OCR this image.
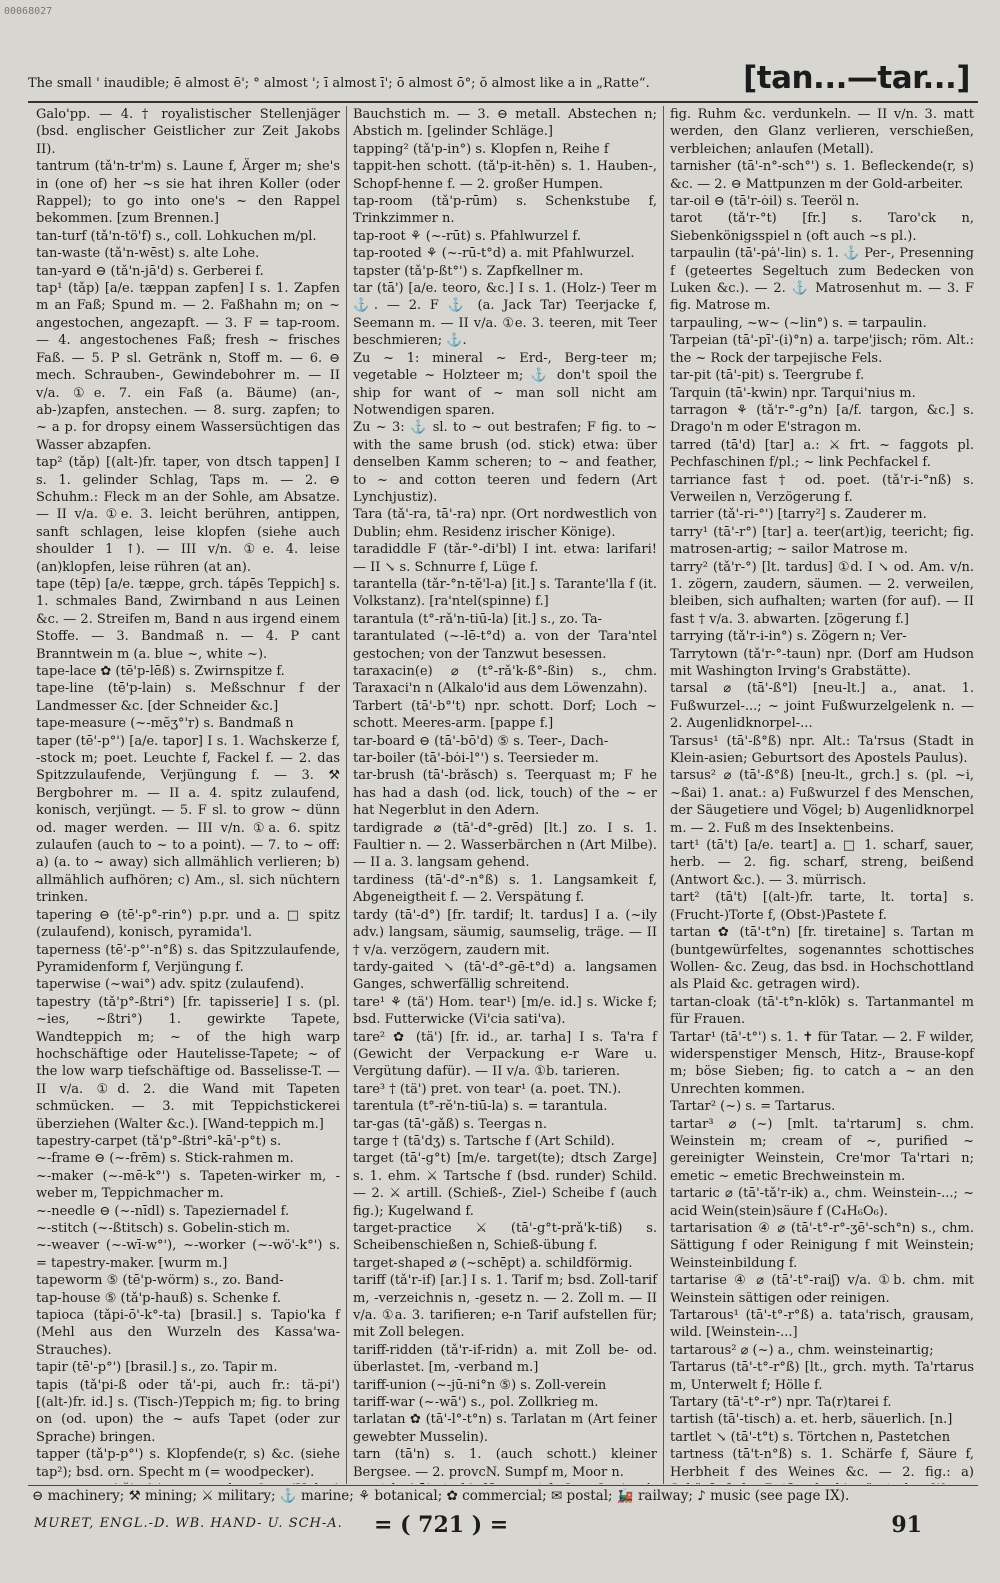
00068027
The small ' inaudible; ē almost ē'; ° almost '; ī almost ī'; ō almost ō°; ŏ almost like a in „Ratte“.	[tan...—tar...]

Galo'pp. — 4. † royalistischer Stellenjäger (bsd. englischer Geistlicher zur Zeit Jakobs II).

tantrum (tǎ'n-tr'm) s. Laune f, Ärger m; she's in (one of) her ~s sie hat ihren Koller (oder Rappel); to go into one's ~ den Rappel bekommen. [zum Brennen.]

tan-turf (tǎ'n-tö'f) s., coll. Lohkuchen m/pl.

tan-waste (tǎ'n-wēst) s. alte Lohe.

tan-yard ⊖ (tǎ'n-jā'd) s. Gerberei f.

tap¹ (tǎp) [a/e. tæppan zapfen] I s. 1. Zapfen m an Faß; Spund m. — 2. Faßhahn m; on ~ angestochen, angezapft. — 3. F = tap-room. — 4. angestochenes Faß; fresh ~ frisches Faß. — 5. P sl. Getränk n, Stoff m. — 6. ⊖ mech. Schrauben-, Gewindebohrer m. — II v/a. ①e. 7. ein Faß (a. Bäume) (an-, ab-)zapfen, anstechen. — 8. surg. zapfen; to ~ a p. for dropsy einem Wassersüchtigen das Wasser abzapfen.

tap² (tǎp) [(alt-)fr. taper, von dtsch tappen] I s. 1. gelinder Schlag, Taps m. — 2. ⊖ Schuhm.: Fleck m an der Sohle, am Absatze. — II v/a. ①e. 3. leicht berühren, antippen, sanft schlagen, leise klopfen (siehe auch shoulder 1 ↑). — III v/n. ①e. 4. leise (an)klopfen, leise rühren (at an).

tape (tēp) [a/e. tæppe, grch. tápēs Teppich] s. 1. schmales Band, Zwirnband n aus Leinen &c. — 2. Streifen m, Band n aus irgend einem Stoffe. — 3. Bandmaß n. — 4. P cant Branntwein m (a. blue ~, white ~).

tape-lace ✿ (tē'p-lēß) s. Zwirnspitze f.

tape-line (tē'p-lain) s. Meßschnur f der Landmesser &c. [der Schneider &c.]

tape-measure (~-mĕʒ°'r) s. Bandmaß n

taper (tē'-p°') [a/e. tapor] I s. 1. Wachskerze f, -stock m; poet. Leuchte f, Fackel f. — 2. das Spitzzulaufende, Verjüngung f. — 3. ⚒ Bergbohrer m. — II a. 4. spitz zulaufend, konisch, verjüngt. — 5. F sl. to grow ~ dünn od. mager werden. — III v/n. ①a. 6. spitz zulaufen (auch to ~ to a point). — 7. to ~ off: a) (a. to ~ away) sich allmählich verlieren; b) allmählich aufhören; c) Am., sl. sich nüchtern trinken.

tapering ⊖ (tē'-p°-rin°) p.pr. und a. □ spitz (zulaufend), konisch, pyramida'l.

taperness (tē'-p°'-n°ß) s. das Spitzzulaufende, Pyramidenform f, Verjüngung f.

taperwise (~wai°) adv. spitz (zulaufend).

tapestry (tǎ'p°-ßtri°) [fr. tapisserie] I s. (pl. ~ies, ~ßtri°) 1. gewirkte Tapete, Wandteppich m; ~ of the high warp hochschäftige oder Hautelisse-Tapete; ~ of the low warp tiefschäftige od. Basselisse-T. — II v/a. ①d. 2. die Wand mit Tapeten schmücken. — 3. mit Teppichstickerei überziehen (Walter &c.). [Wand-teppich m.]

tapestry-carpet (tǎ'p°-ßtri°-kā'-p°t) s.

~-frame ⊖ (~-frēm) s. Stick-rahmen m.

~-maker (~-mē-k°') s. Tapeten-wirker m, -weber m, Teppichmacher m.

~-needle ⊖ (~-nīdl) s. Tapeziernadel f.

~-stitch (~-ßtitsch) s. Gobelin-stich m.

~-weaver (~-wī-w°'), ~-worker (~-wö'-k°') s. = tapestry-maker. [wurm m.]

tapeworm ⑤ (tē'p-wörm) s., zo. Band-

tap-house ⑤ (tǎ'p-hauß) s. Schenke f.

tapioca (tǎpi-ō'-k°-ta) [brasil.] s. Tapio'ka f (Mehl aus den Wurzeln des Kassa'wa-Strauches).

tapir (tē'-p°') [brasil.] s., zo. Tapir m.

tapis (tǎ'pi-ß oder tǎ'-pi, auch fr.: tä-pi') [(alt-)fr. id.] s. (Tisch-)Teppich m; fig. to bring on (od. upon) the ~ aufs Tapet (oder zur Sprache) bringen.

tapper (tǎ'p-p°') s. Klopfende(r, s) &c. (siehe tap²); bsd. orn. Specht m (= woodpecker).

Bauchstich m. — 3. ⊖ metall. Abstechen n; Abstich m. [gelinder Schläge.]

tapping² (tǎ'p-in°) s. Klopfen n, Reihe f

tappit-hen schott. (tǎ'p-it-hĕn) s. 1. Hauben-, Schopf-henne f. — 2. großer Humpen.

tap-room (tǎ'p-rūm) s. Schenkstube f, Trinkzimmer n.

tap-root ⚘ (~-rūt) s. Pfahlwurzel f.

tap-rooted ⚘ (~-rū-t°d) a. mit Pfahlwurzel.

tapster (tǎ'p-ßt°') s. Zapfkellner m.

tar (tā') [a/e. teoro, &c.] I s. 1. (Holz-) Teer m ⚓. — 2. F ⚓ (a. Jack Tar) Teerjacke f, Seemann m. — II v/a. ①e. 3. teeren, mit Teer beschmieren; ⚓.

Zu ~ 1: mineral ~ Erd-, Berg-teer m; vegetable ~ Holzteer m; ⚓ don't spoil the ship for want of ~ man soll nicht am Notwendigen sparen.

Zu ~ 3: ⚓ sl. to ~ out bestrafen; F fig. to ~ with the same brush (od. stick) etwa: über denselben Kamm scheren; to ~ and feather, to ~ and cotton teeren und federn (Art Lynchjustiz).

Tara (tǎ'-ra, tā'-ra) npr. (Ort nordwestlich von Dublin; ehm. Residenz irischer Könige).

taradiddle F (tǎr-°-di'bl) I int. etwa: larifari! — II ↘ s. Schnurre f, Lüge f.

tarantella (tǎr-°n-tĕ'l-a) [it.] s. Tarante'lla f (it. Volkstanz). [ra'ntel(spinne) f.]

tarantula (t°-rǎ'n-tiū-la) [it.] s., zo. Ta-

tarantulated (~-lē-t°d) a. von der Tara'ntel gestochen; von der Tanzwut besessen.

taraxacin(e) ⌀ (t°-rǎ'k-ß°-ßin) s., chm. Taraxaci'n n (Alkalo'id aus dem Löwenzahn).

Tarbert (tā'-b°'t) npr. schott. Dorf; Loch ~ schott. Meeres-arm. [pappe f.]

tar-board ⊖ (tā'-bō'd) ⑤ s. Teer-, Dach-

tar-boiler (tā'-bȯi-l°') s. Teersieder m.

tar-brush (tā'-brǎsch) s. Teerquast m; F he has had a dash (od. lick, touch) of the ~ er hat Negerblut in den Adern.

tardigrade ⌀ (tā'-d°-grēd) [lt.] zo. I s. 1. Faultier n. — 2. Wasserbärchen n (Art Milbe). — II a. 3. langsam gehend.

tardiness (tā'-d°-n°ß) s. 1. Langsamkeit f, Abgeneigtheit f. — 2. Verspätung f.

tardy (tā'-d°) [fr. tardif; lt. tardus] I a. (~ily adv.) langsam, säumig, saumselig, träge. — II † v/a. verzögern, zaudern mit.

tardy-gaited ↘ (tā'-d°-gē-t°d) a. langsamen Ganges, schwerfällig schreitend.

tare¹ ⚘ (tä') Hom. tear¹) [m/e. id.] s. Wicke f; bsd. Futterwicke (Vi'cia sati'va).

tare² ✿ (tä') [fr. id., ar. tarha] I s. Ta'ra f (Gewicht der Verpackung e-r Ware u. Vergütung dafür). — II v/a. ①b. tarieren.

tare³ † (tä') pret. von tear¹ (a. poet. TN.).

tarentula (t°-rĕ'n-tiū-la) s. = tarantula.

tar-gas (tā'-gǎß) s. Teergas n.

targe † (tā'dʒ) s. Tartsche f (Art Schild).

target (tā'-g°t) [m/e. target(te); dtsch Zarge] s. 1. ehm. ⚔ Tartsche f (bsd. runder) Schild. — 2. ⚔ artill. (Schieß-, Ziel-) Scheibe f (auch fig.); Kugelwand f.

target-practice ⚔ (tā'-g°t-prǎ'k-tiß) s. Scheibenschießen n, Schieß-übung f.

target-shaped ⌀ (~schēpt) a. schildförmig.

tariff (tǎ'r-if) [ar.] I s. 1. Tarif m; bsd. Zoll-tarif m, -verzeichnis n, -gesetz n. — 2. Zoll m. — II v/a. ①a. 3. tarifieren; e-n Tarif aufstellen für; mit Zoll belegen.

tariff-ridden (tǎ'r-if-ridn) a. mit Zoll be- od. überlastet. [m, -verband m.]

tariff-union (~-jū-ni°n ⑤) s. Zoll-verein

tariff-war (~-wā') s., pol. Zollkrieg m.

tarlatan ✿ (tā'-l°-t°n) s. Tarlatan m (Art feiner gewebter Musselin).

tarn (tā'n) s. 1. (auch schott.) kleiner Bergsee. — 2. provcN. Sumpf m, Moor n.

fig. Ruhm &c. verdunkeln. — II v/n. 3. matt werden, den Glanz verlieren, verschießen, verbleichen; anlaufen (Metall).

tarnisher (tā'-n°-sch°') s. 1. Befleckende(r, s) &c. — 2. ⊖ Mattpunzen m der Gold-arbeiter.

tar-oil ⊖ (tā'r-ȯil) s. Teeröl n.

tarot (tǎ'r-°t) [fr.] s. Taro'ck n, Siebenkönigsspiel n (oft auch ~s pl.).

tarpaulin (tā'-pȧ'-lin) s. 1. ⚓ Per-, Presenning f (geteertes Segeltuch zum Bedecken von Luken &c.). — 2. ⚓ Matrosenhut m. — 3. F fig. Matrose m.

tarpauling, ~w~ (~lin°) s. = tarpaulin.

Tarpeian (tā'-pī'-(i)°n) a. tarpe'jisch; röm. Alt.: the ~ Rock der tarpejische Fels.

tar-pit (tā'-pit) s. Teergrube f.

Tarquin (tā'-kwin) npr. Tarqui'nius m.

tarragon ⚘ (tǎ'r-°-g°n) [a/f. targon, &c.] s. Drago'n m oder E'stragon m.

tarred (tā'd) [tar] a.: ⚔ frt. ~ faggots pl. Pechfaschinen f/pl.; ~ link Pechfackel f.

tarriance fast † od. poet. (tǎ'r-i-°nß) s. Verweilen n, Verzögerung f.

tarrier (tǎ'-ri-°') [tarry²] s. Zauderer m.

tarry¹ (tā'-r°) [tar] a. teer(art)ig, teericht; fig. matrosen-artig; ~ sailor Matrose m.

tarry² (tǎ'r-°) [lt. tardus] ①d. I ↘ od. Am. v/n. 1. zögern, zaudern, säumen. — 2. verweilen, bleiben, sich aufhalten; warten (for auf). — II fast † v/a. 3. abwarten. [zögerung f.]

tarrying (tǎ'r-i-in°) s. Zögern n; Ver-

Tarrytown (tǎ'r-°-taun) npr. (Dorf am Hudson mit Washington Irving's Grabstätte).

tarsal ⌀ (tā'-ß°l) [neu-lt.] a., anat. 1. Fußwurzel-...; ~ joint Fußwurzelgelenk n. — 2. Augenlidknorpel-...

Tarsus¹ (tā'-ß°ß) npr. Alt.: Ta'rsus (Stadt in Klein-asien; Geburtsort des Apostels Paulus).

tarsus² ⌀ (tā'-ß°ß) [neu-lt., grch.] s. (pl. ~i, ~ßai) 1. anat.: a) Fußwurzel f des Menschen, der Säugetiere und Vögel; b) Augenlidknorpel m. — 2. Fuß m des Insektenbeins.

tart¹ (tā't) [a/e. teart] a. □ 1. scharf, sauer, herb. — 2. fig. scharf, streng, beißend (Antwort &c.). — 3. mürrisch.

tart² (tā't) [(alt-)fr. tarte, lt. torta] s. (Frucht-)Torte f, (Obst-)Pastete f.

tartan ✿ (tā'-t°n) [fr. tiretaine] s. Tartan m (buntgewürfeltes, sogenanntes schottisches Wollen- &c. Zeug, das bsd. in Hochschottland als Plaid &c. getragen wird).

tartan-cloak (tā'-t°n-klōk) s. Tartanmantel m für Frauen.

Tartar¹ (tā'-t°') s. 1. ✝ für Tatar. — 2. F wilder, widerspenstiger Mensch, Hitz-, Brause-kopf m; böse Sieben; fig. to catch a ~ an den Unrechten kommen.

Tartar² (~) s. = Tartarus.

tartar³ ⌀ (~) [mlt. ta'rtarum] s. chm. Weinstein m; cream of ~, purified ~ gereinigter Weinstein, Cre'mor Ta'rtari n; emetic ~ emetic Brechweinstein m.

tartaric ⌀ (tā'-tǎ'r-ik) a., chm. Weinstein-...; ~ acid Wein(stein)säure f (C₄H₆O₆).

tartarisation ④ ⌀ (tā'-t°-r°-ʒē'-sch°n) s., chm. Sättigung f oder Reinigung f mit Weinstein; Weinsteinbildung f.

tartarise ④ ⌀ (tā'-t°-raiʃ) v/a. ①b. chm. mit Weinstein sättigen oder reinigen.

Tartarous¹ (tā'-t°-r°ß) a. tata'risch, grausam, wild. [Weinstein-...]

tartarous² ⌀ (~) a., chm. weinsteinartig;

Tartarus (tā'-t°-r°ß) [lt., grch. myth. Ta'rtarus m, Unterwelt f; Hölle f.

Tartary (tā'-t°-r°) npr. Ta(r)tarei f.

tartish (tā'-tisch) a. et. herb, säuerlich. [n.]

tartlet ↘ (tā'-t°t) s. Törtchen n, Pastetchen

tartness (tā't-n°ß) s. 1. Schärfe f, Säure f, Herbheit f des Weines &c. — 2. fig.: a)

⊖ machinery; ⚒ mining; ⚔ military; ⚓ marine; ⚘ botanical; ✿ commercial; ✉ postal; 🚂 railway; ♪ music (see page IX).
MURET, ENGL.-D. WB. HAND- U. SCH-A. = ( 721 ) =	91
